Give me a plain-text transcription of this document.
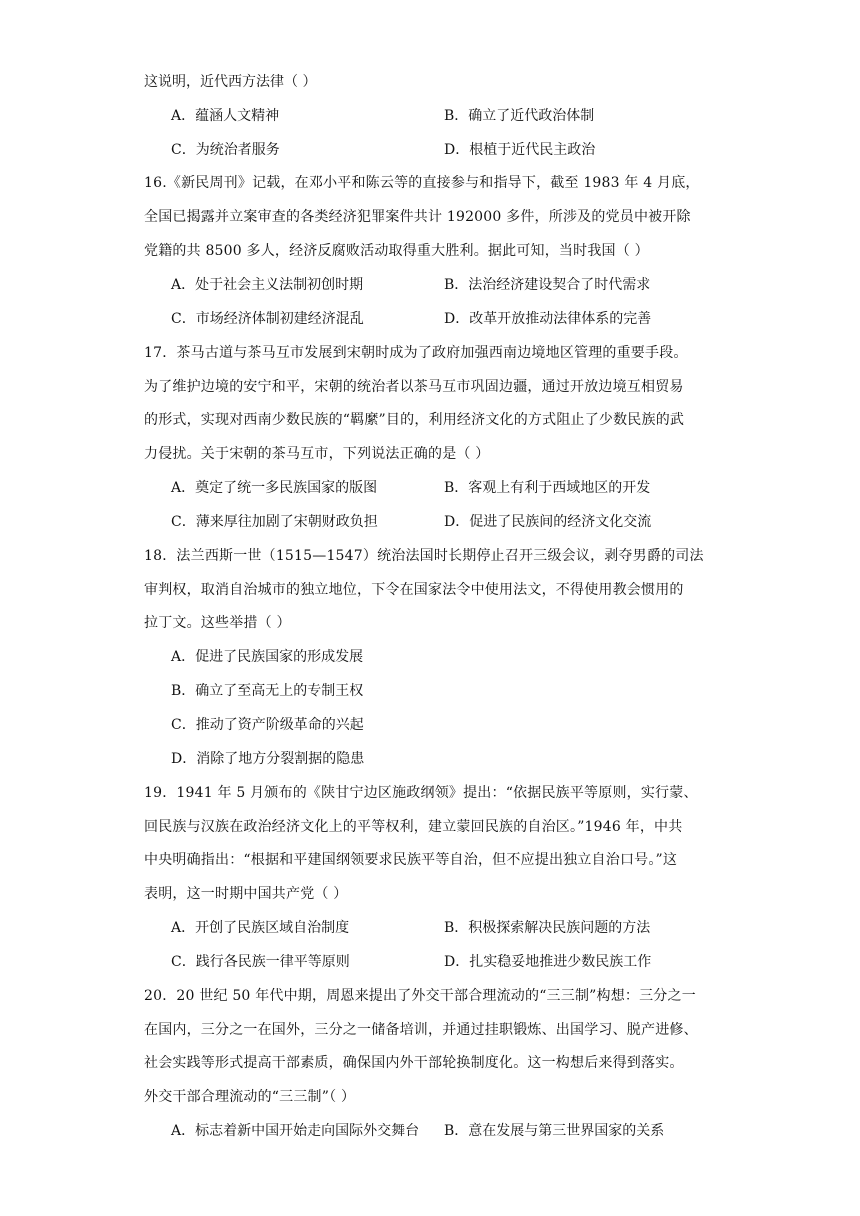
这说明，近代西方法律（ ）
A．蕴涵人文精神	B．确立了近代政治体制
C．为统治者服务	D．根植于近代民主政治
16.《新民周刊》记载，在邓小平和陈云等的直接参与和指导下，截至 1983 年 4 月底，
全国已揭露并立案审查的各类经济犯罪案件共计 192000 多件，所涉及的党员中被开除
党籍的共 8500 多人，经济反腐败活动取得重大胜利。据此可知，当时我国（ ）
A．处于社会主义法制初创时期	B．法治经济建设契合了时代需求
C．市场经济体制初建经济混乱	D．改革开放推动法律体系的完善
17．茶马古道与茶马互市发展到宋朝时成为了政府加强西南边境地区管理的重要手段。
为了维护边境的安宁和平，宋朝的统治者以茶马互市巩固边疆，通过开放边境互相贸易
的形式，实现对西南少数民族的“羁縻”目的，利用经济文化的方式阻止了少数民族的武
力侵扰。关于宋朝的茶马互市，下列说法正确的是（ ）
A．奠定了统一多民族国家的版图	B．客观上有利于西域地区的开发
C．薄来厚往加剧了宋朝财政负担	D．促进了民族间的经济文化交流
18．法兰西斯一世（1515—1547）统治法国时长期停止召开三级会议，剥夺男爵的司法
审判权，取消自治城市的独立地位，下令在国家法令中使用法文，不得使用教会惯用的
拉丁文。这些举措（ ）
A．促进了民族国家的形成发展
B．确立了至高无上的专制王权
C．推动了资产阶级革命的兴起
D．消除了地方分裂割据的隐患
19．1941 年 5 月颁布的《陕甘宁边区施政纲领》提出：“依据民族平等原则，实行蒙、
回民族与汉族在政治经济文化上的平等权利，建立蒙回民族的自治区。”1946 年，中共
中央明确指出：“根据和平建国纲领要求民族平等自治，但不应提出独立自治口号。”这
表明，这一时期中国共产党（ ）
A．开创了民族区域自治制度	B．积极探索解决民族问题的方法
C．践行各民族一律平等原则	D．扎实稳妥地推进少数民族工作
20．20 世纪 50 年代中期，周恩来提出了外交干部合理流动的“三三制”构想：三分之一
在国内，三分之一在国外，三分之一储备培训，并通过挂职锻炼、出国学习、脱产进修、
社会实践等形式提高干部素质，确保国内外干部轮换制度化。这一构想后来得到落实。
外交干部合理流动的“三三制”（ ）
A．标志着新中国开始走向国际外交舞台 B．意在发展与第三世界国家的关系
